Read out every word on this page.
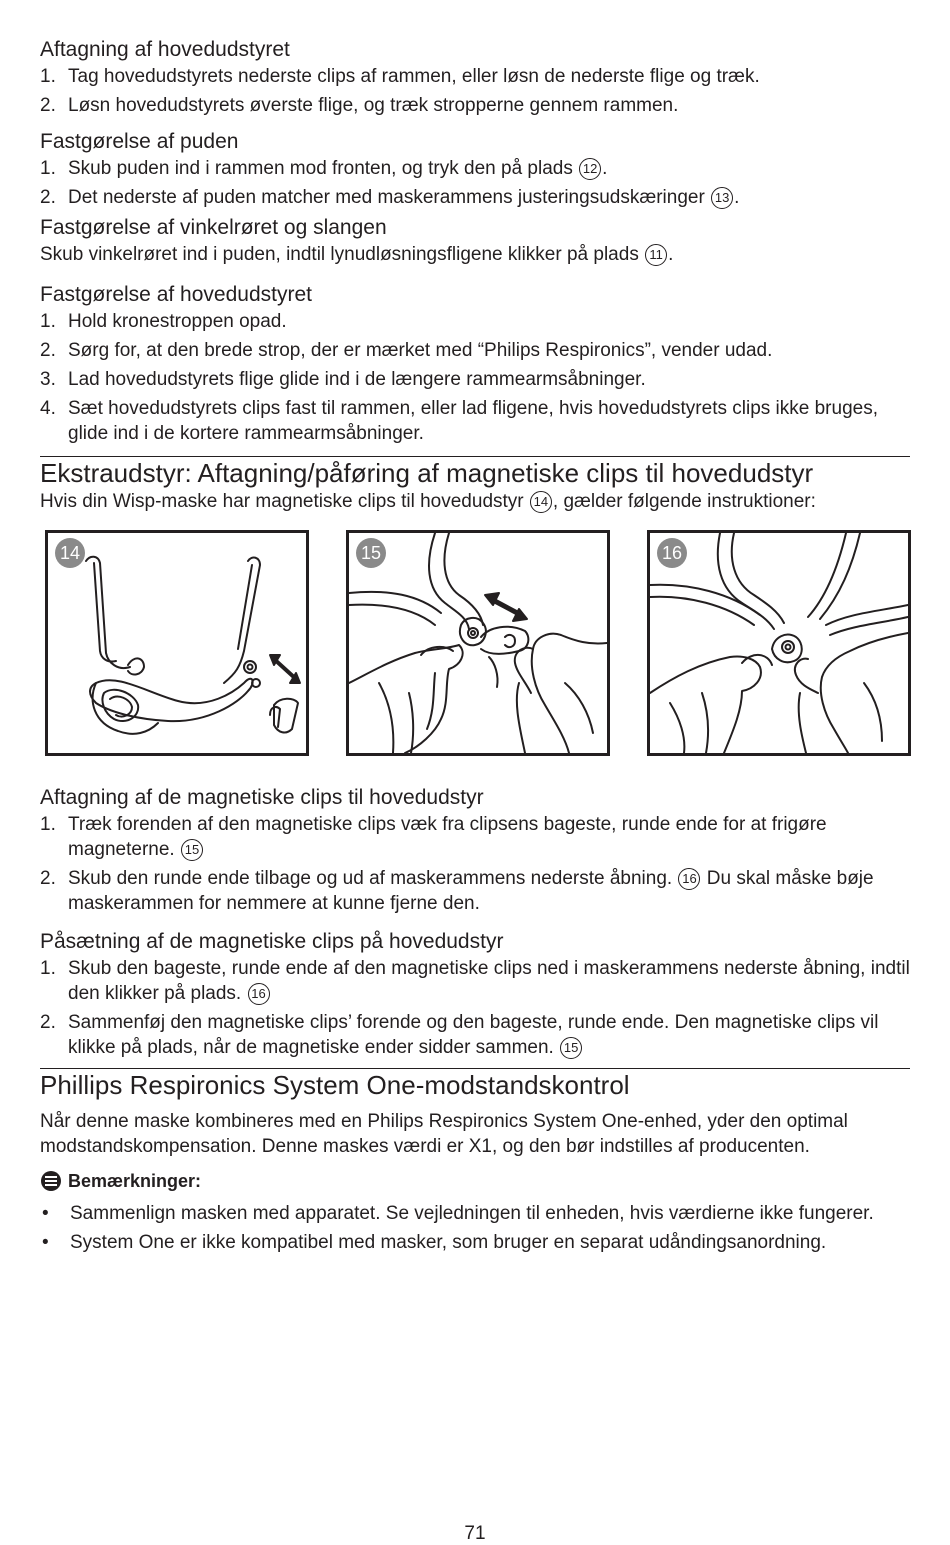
Aftagning af hovedudstyret
1. Tag hovedudstyrets nederste clips af rammen, eller løsn de nederste flige og træk.
2. Løsn hovedudstyrets øverste flige, og træk stropperne gennem rammen.
Fastgørelse af puden
1. Skub puden ind i rammen mod fronten, og tryk den på plads 12 .
2. Det nederste af puden matcher med maskerammens justeringsudskæringer 13 .
Fastgørelse af vinkelrøret og slangen

Skub vinkelrøret ind i puden, indtil lynudløsningsfligene klikker på plads 11 .

Fastgørelse af hovedudstyret
1. Hold kronestroppen opad.
2. Sørg for, at den brede strop, der er mærket med “Philips Respironics”, vender udad.
3. Lad hovedudstyrets flige glide ind i de længere rammearmsåbninger.
4. Sæt hovedudstyrets clips fast til rammen, eller lad fligene, hvis hovedudstyrets clips ikke bruges, glide ind i de kortere rammearmsåbninger.
Ekstraudstyr: Aftagning/påføring af magnetiske clips til hovedudstyr

Hvis din Wisp-maske har magnetiske clips til hovedudstyr 14 , gælder følgende instruktioner:

14	15	16
Aftagning af de magnetiske clips til hovedudstyr
1. Træk forenden af den magnetiske clips væk fra clipsens bageste, runde ende for at frigøre magneterne. 15
2. Skub den runde ende tilbage og ud af maskerammens nederste åbning. 16 Du skal måske bøje maskerammen for nemmere at kunne fjerne den.
Påsætning af de magnetiske clips på hovedudstyr
1. Skub den bageste, runde ende af den magnetiske clips ned i maskerammens nederste åbning, indtil den klikker på plads. 16
2. Sammenføj den magnetiske clips’ forende og den bageste, runde ende. Den magnetiske clips vil klikke på plads, når de magnetiske ender sidder sammen. 15
Phillips Respironics System One-modstandskontrol

Når denne maske kombineres med en Philips Respironics System One-enhed, yder den optimal modstandskompensation. Denne maskes værdi er X1, og den bør indstilles af producenten.

Bemærkninger:
•	Sammenlign masken med apparatet. Se vejledningen til enheden, hvis værdierne ikke fungerer.
•	System One er ikke kompatibel med masker, som bruger en separat udåndingsanordning.
71
